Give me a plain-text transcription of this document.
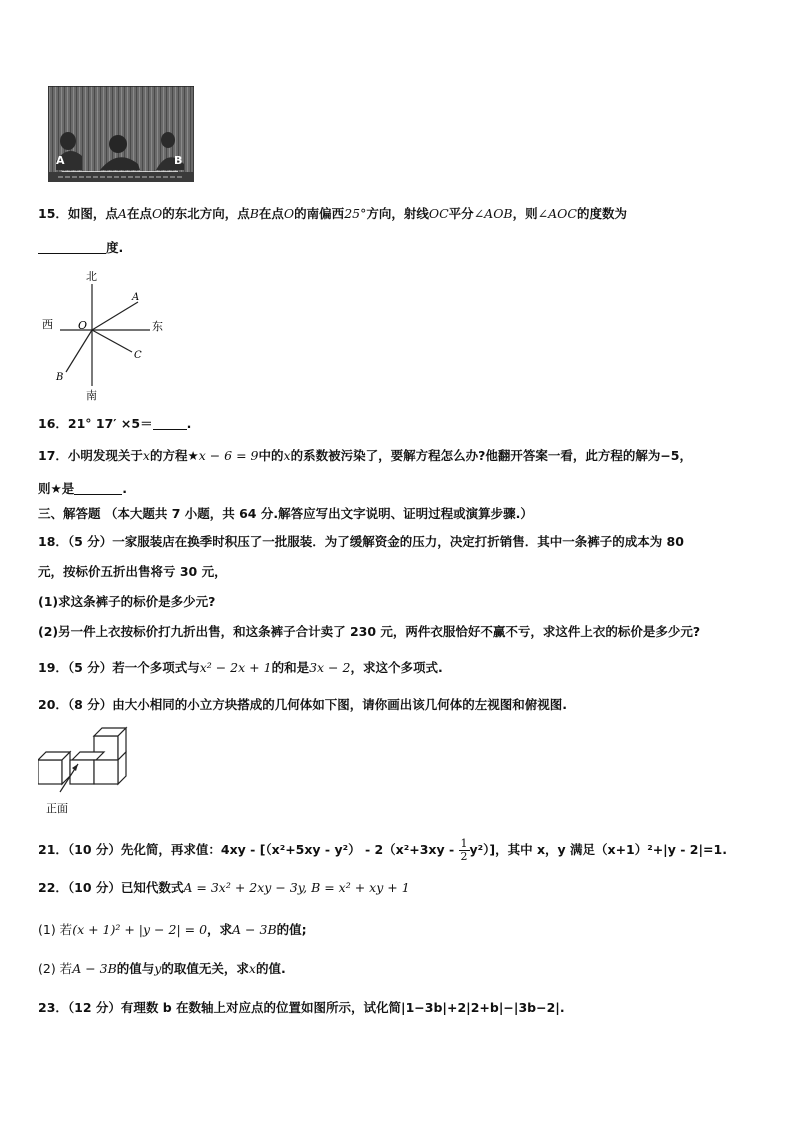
A	B
15．如图，点A在点O的东北方向，点B在点O的南偏西25°方向，射线OC平分∠AOB，则∠AOC的度数为
度.
北
南
西	东
O
A
B
C
16．21° 17′ ×5＝	.
17．小明发现关于x的方程★x − 6 = 9中的x的系数被污染了，要解方程怎么办?他翻开答案一看，此方程的解为−5，
则★是	.
三、解答题 （本大题共 7 小题，共 64 分.解答应写出文字说明、证明过程或演算步骤.）
18．（5 分）一家服装店在换季时积压了一批服装．为了缓解资金的压力，决定打折销售．其中一条裤子的成本为 80
元，按标价五折出售将亏 30 元，
(1)求这条裤子的标价是多少元?
(2)另一件上衣按标价打九折出售，和这条裤子合计卖了 230 元，两件衣服恰好不赢不亏，求这件上衣的标价是多少元?
19．（5 分）若一个多项式与x² − 2x + 1的和是3x − 2，求这个多项式.
20．（8 分）由大小相同的小立方块搭成的几何体如下图，请你画出该几何体的左视图和俯视图.
正面
21．（10 分）先化简，再求值：$4xy - [(x^2+5xy - y^2) - 2(x^2+3xy - \frac{1}{2} y^2)]$，其中 x，y 满足（x+1）²+|y - 2|=1.
22．（10 分）已知代数式A = 3x² + 2xy − 3y, B = x² + xy + 1
(1) 若(x + 1)² + |y − 2| = 0，求A − 3B的值;
(2) 若A − 3B的值与y的取值无关，求x的值.
23．（12 分）有理数 b 在数轴上对应点的位置如图所示，试化简|1−3b|+2|2+b|−|3b−2|.
